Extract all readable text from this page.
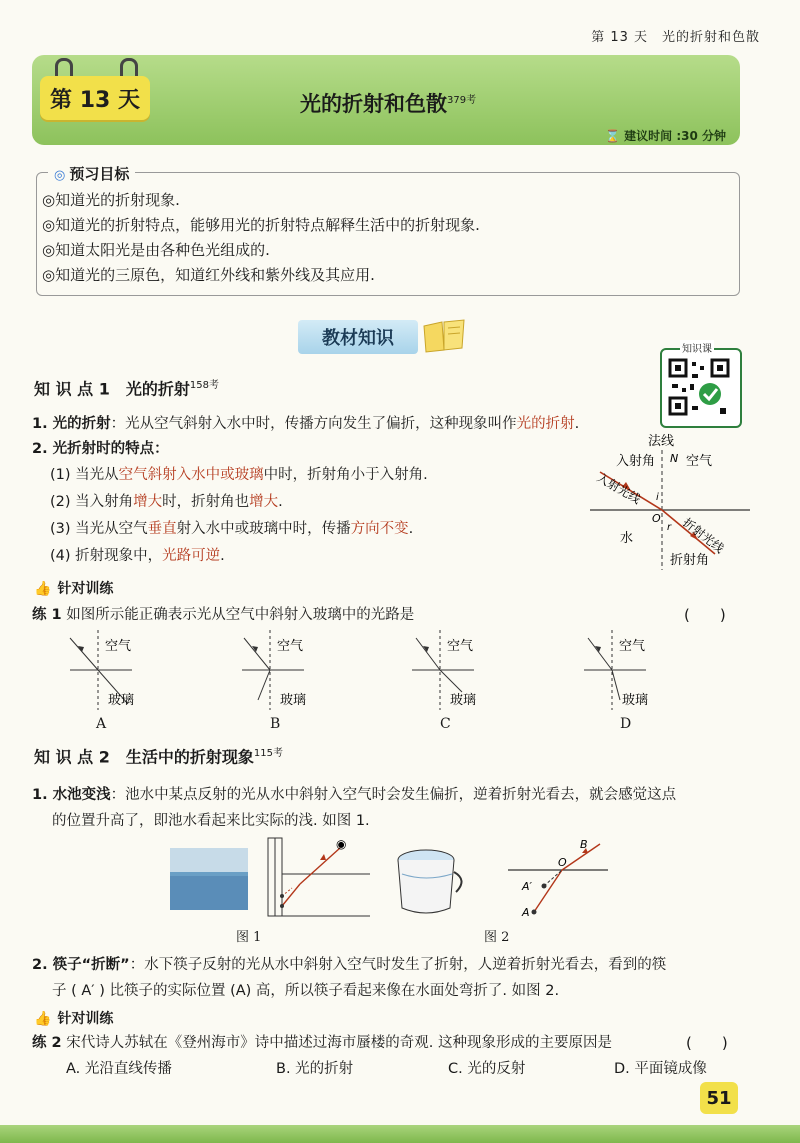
第 13 天　光的折射和色散
第 13 天	光的折射和色散$^{379考}$
⌛ 建议时间 :30 分钟
◎ 预习目标
◎知道光的折射现象.
◎知道光的折射特点，能够用光的折射特点解释生活中的折射现象.
◎知道太阳光是由各种色光组成的.
◎知道光的三原色，知道红外线和紫外线及其应用.
教材知识
知识课
知 识 点 1　光的折射$^{158考}$
1. 光的折射：光从空气斜射入水中时，传播方向发生了偏折，这种现象叫作光的折射.
2. 光折射时的特点：
(1) 当光从空气斜射入水中或玻璃中时，折射角小于入射角.
(2) 当入射角增大时，折射角也增大.
(3) 当光从空气垂直射入水中或玻璃中时，传播方向不变.
(4) 折射现象中，光路可逆.
法线
入射角 N 空气
入射光线
O
i
r
水	折射光线
折射角
👍 针对训练
练 1 如图所示能正确表示光从空气中斜射入玻璃中的光路是	(　　)
空气
玻璃
空气
玻璃
空气
玻璃
空气
玻璃
A	B	C	D
知 识 点 2　生活中的折射现象$^{115考}$
1. 水池变浅：池水中某点反射的光从水中斜射入空气时会发生偏折，逆着折射光看去，就会感觉这点
的位置升高了，即池水看起来比实际的浅. 如图 1.
◉	B
O
A′
A
图 1	图 2
2. 筷子“折断”：水下筷子反射的光从水中斜射入空气时发生了折射，人逆着折射光看去，看到的筷
子 ( A′ ) 比筷子的实际位置 (A) 高，所以筷子看起来像在水面处弯折了. 如图 2.
👍 针对训练
练 2 宋代诗人苏轼在《登州海市》诗中描述过海市蜃楼的奇观. 这种现象形成的主要原因是	(　　)
A. 光沿直线传播	B. 光的折射	C. 光的反射	D. 平面镜成像
51
